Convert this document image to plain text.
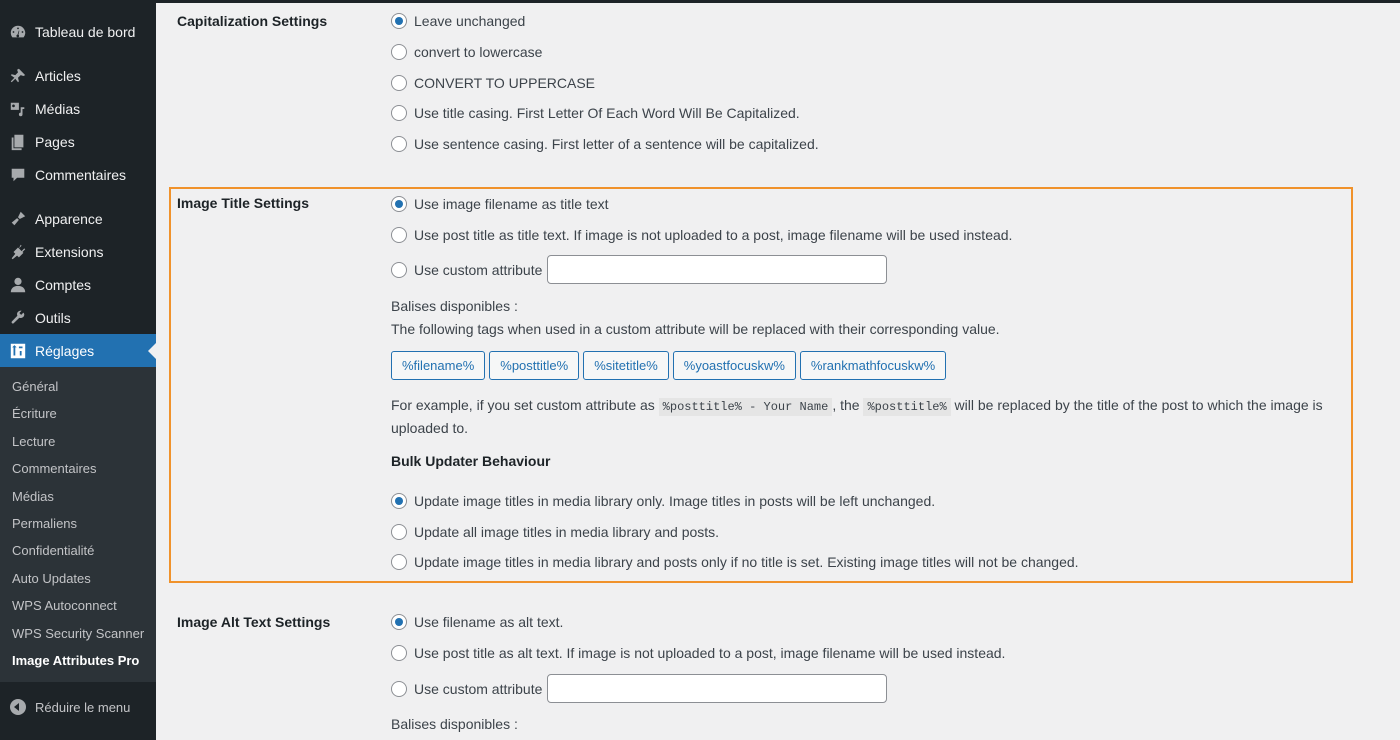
Tableau de bord
Articles
Médias
Pages
Commentaires
Apparence
Extensions
Comptes
Outils
Réglages
Général
Écriture
Lecture
Commentaires
Médias
Permaliens
Confidentialité
Auto Updates
WPS Autoconnect
WPS Security Scanner
Image Attributes Pro
Réduire le menu
Capitalization Settings	Leave unchanged
convert to lowercase
CONVERT TO UPPERCASE
Use title casing. First Letter Of Each Word Will Be Capitalized.
Use sentence casing. First letter of a sentence will be capitalized.
Image Title Settings	Use image filename as title text
Use post title as title text. If image is not uploaded to a post, image filename will be used instead.
Use custom attribute
Balises disponibles :
The following tags when used in a custom attribute will be replaced with their corresponding value.
%filename%	%posttitle%	%sitetitle%	%yoastfocuskw%	%rankmathfocuskw%
For example, if you set custom attribute as %posttitle% - Your Name , the %posttitle% will be replaced by the title of the post to which the image is
uploaded to.
Bulk Updater Behaviour
Update image titles in media library only. Image titles in posts will be left unchanged.
Update all image titles in media library and posts.
Update image titles in media library and posts only if no title is set. Existing image titles will not be changed.
Image Alt Text Settings	Use filename as alt text.
Use post title as alt text. If image is not uploaded to a post, image filename will be used instead.
Use custom attribute
Balises disponibles :
